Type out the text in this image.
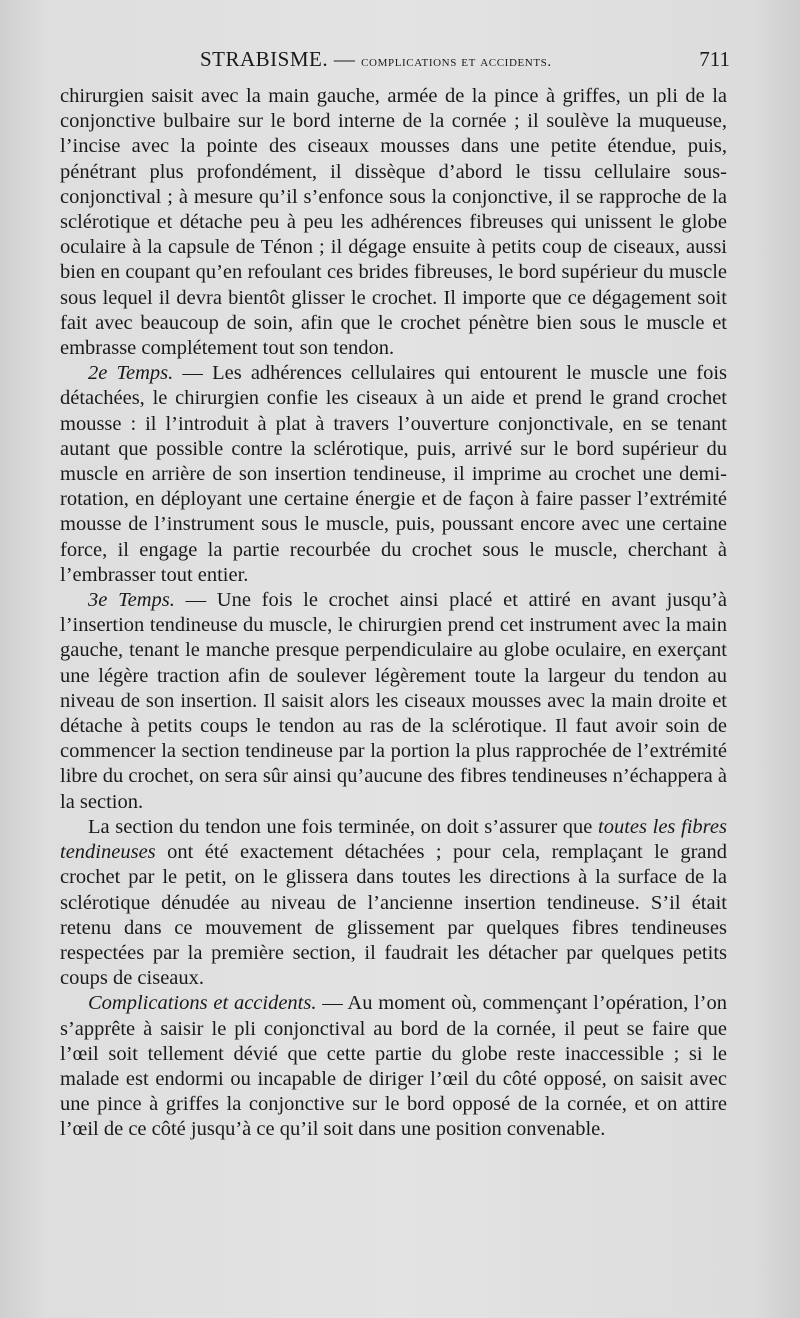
STRABISME. — complications et accidents.	711

chirurgien saisit avec la main gauche, armée de la pince à griffes, un pli de la conjonctive bulbaire sur le bord interne de la cornée ; il soulève la muqueuse, l’incise avec la pointe des ciseaux mousses dans une petite étendue, puis, pénétrant plus profondément, il dissèque d’abord le tissu cellulaire sous-conjonctival ; à mesure qu’il s’enfonce sous la conjonctive, il se rapproche de la sclérotique et détache peu à peu les adhérences fibreuses qui unissent le globe oculaire à la capsule de Ténon ; il dégage ensuite à petits coup de ciseaux, aussi bien en coupant qu’en refoulant ces brides fibreuses, le bord supérieur du muscle sous lequel il devra bientôt glisser le crochet. Il importe que ce dégagement soit fait avec beaucoup de soin, afin que le crochet pénètre bien sous le muscle et embrasse complétement tout son tendon.

2e Temps. — Les adhérences cellulaires qui entourent le muscle une fois détachées, le chirurgien confie les ciseaux à un aide et prend le grand crochet mousse : il l’introduit à plat à travers l’ouverture conjonctivale, en se tenant autant que possible contre la sclérotique, puis, arrivé sur le bord supérieur du muscle en arrière de son insertion tendineuse, il imprime au crochet une demi-rotation, en déployant une certaine énergie et de façon à faire passer l’extrémité mousse de l’instrument sous le muscle, puis, poussant encore avec une certaine force, il engage la partie recourbée du crochet sous le muscle, cherchant à l’embrasser tout entier.

3e Temps. — Une fois le crochet ainsi placé et attiré en avant jusqu’à l’insertion tendineuse du muscle, le chirurgien prend cet instrument avec la main gauche, tenant le manche presque perpendiculaire au globe oculaire, en exerçant une légère traction afin de soulever légèrement toute la largeur du tendon au niveau de son insertion. Il saisit alors les ciseaux mousses avec la main droite et détache à petits coups le tendon au ras de la sclérotique. Il faut avoir soin de commencer la section tendineuse par la portion la plus rapprochée de l’extrémité libre du crochet, on sera sûr ainsi qu’aucune des fibres tendineuses n’échappera à la section.

La section du tendon une fois terminée, on doit s’assurer que toutes les fibres tendineuses ont été exactement détachées ; pour cela, remplaçant le grand crochet par le petit, on le glissera dans toutes les directions à la surface de la sclérotique dénudée au niveau de l’ancienne insertion tendineuse. S’il était retenu dans ce mouvement de glissement par quelques fibres tendineuses respectées par la première section, il faudrait les détacher par quelques petits coups de ciseaux.

Complications et accidents. — Au moment où, commençant l’opération, l’on s’apprête à saisir le pli conjonctival au bord de la cornée, il peut se faire que l’œil soit tellement dévié que cette partie du globe reste inaccessible ; si le malade est endormi ou incapable de diriger l’œil du côté opposé, on saisit avec une pince à griffes la conjonctive sur le bord opposé de la cornée, et on attire l’œil de ce côté jusqu’à ce qu’il soit dans une position convenable.
